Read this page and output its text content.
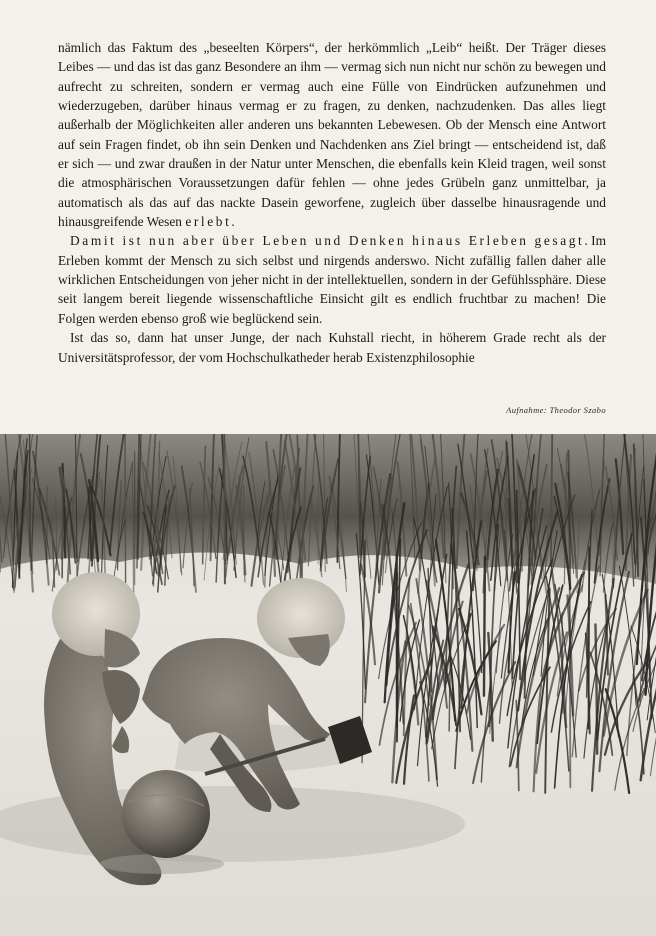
nämlich das Faktum des „beseelten Körpers“, der herkömmlich „Leib“ heißt. Der Träger dieses Leibes — und das ist das ganz Besondere an ihm — vermag sich nun nicht nur schön zu bewegen und aufrecht zu schreiten, sondern er vermag auch eine Fülle von Eindrücken aufzunehmen und wiederzugeben, darüber hinaus vermag er zu fragen, zu denken, nachzudenken. Das alles liegt außerhalb der Möglichkeiten aller anderen uns bekannten Lebewesen. Ob der Mensch eine Antwort auf sein Fragen findet, ob ihn sein Denken und Nachdenken ans Ziel bringt — entscheidend ist, daß er sich — und zwar draußen in der Natur unter Menschen, die ebenfalls kein Kleid tragen, weil sonst die atmosphärischen Voraussetzungen dafür fehlen — ohne jedes Grübeln ganz unmittelbar, ja automatisch als das auf das nackte Dasein geworfene, zugleich über dasselbe hinausragende und hinausgreifende Wesen erlebt.

Damit ist nun aber über Leben und Denken hinaus Erleben gesagt. Im Erleben kommt der Mensch zu sich selbst und nirgends anderswo. Nicht zufällig fallen daher alle wirklichen Entscheidungen von jeher nicht in der intellektuellen, sondern in der Gefühlssphäre. Diese seit langem bereit liegende wissenschaftliche Einsicht gilt es endlich fruchtbar zu machen! Die Folgen werden ebenso groß wie beglückend sein.

Ist das so, dann hat unser Junge, der nach Kuhstall riecht, in höherem Grade recht als der Universitätsprofessor, der vom Hochschulkatheder herab Existenzphilosophie

Aufnahme: Theodor Szabo
